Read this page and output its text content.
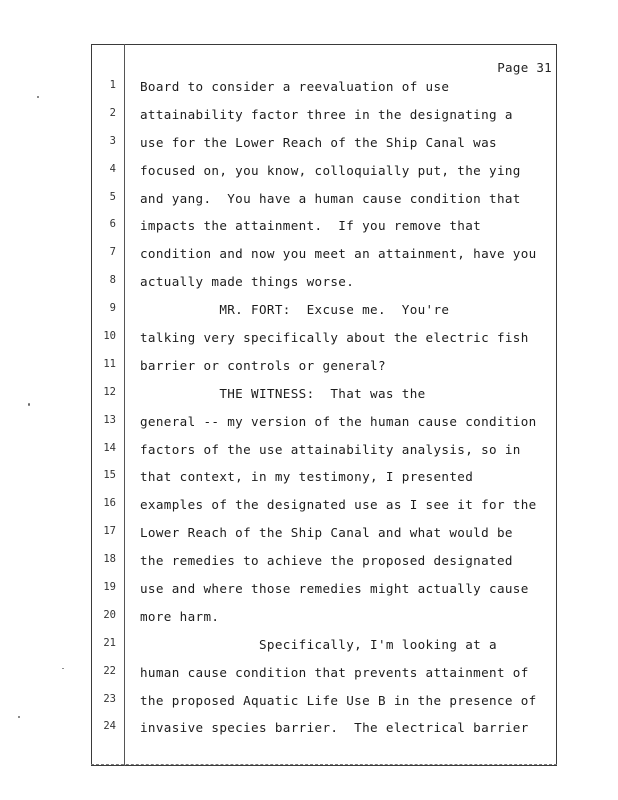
Page 31
1 Board to consider a reevaluation of use
2 attainability factor three in the designating a
3 use for the Lower Reach of the Ship Canal was
4 focused on, you know, colloquially put, the ying
5 and yang.  You have a human cause condition that
6 impacts the attainment.  If you remove that
7 condition and now you meet an attainment, have you
8 actually made things worse.
9 MR. FORT:  Excuse me.  You're
10 talking very specifically about the electric fish
11 barrier or controls or general?
12 THE WITNESS:  That was the
13 general -- my version of the human cause condition
14 factors of the use attainability analysis, so in
15 that context, in my testimony, I presented
16 examples of the designated use as I see it for the
17 Lower Reach of the Ship Canal and what would be
18 the remedies to achieve the proposed designated
19 use and where those remedies might actually cause
20 more harm.
21 Specifically, I'm looking at a
22 human cause condition that prevents attainment of
23 the proposed Aquatic Life Use B in the presence of
24 invasive species barrier.  The electrical barrier
